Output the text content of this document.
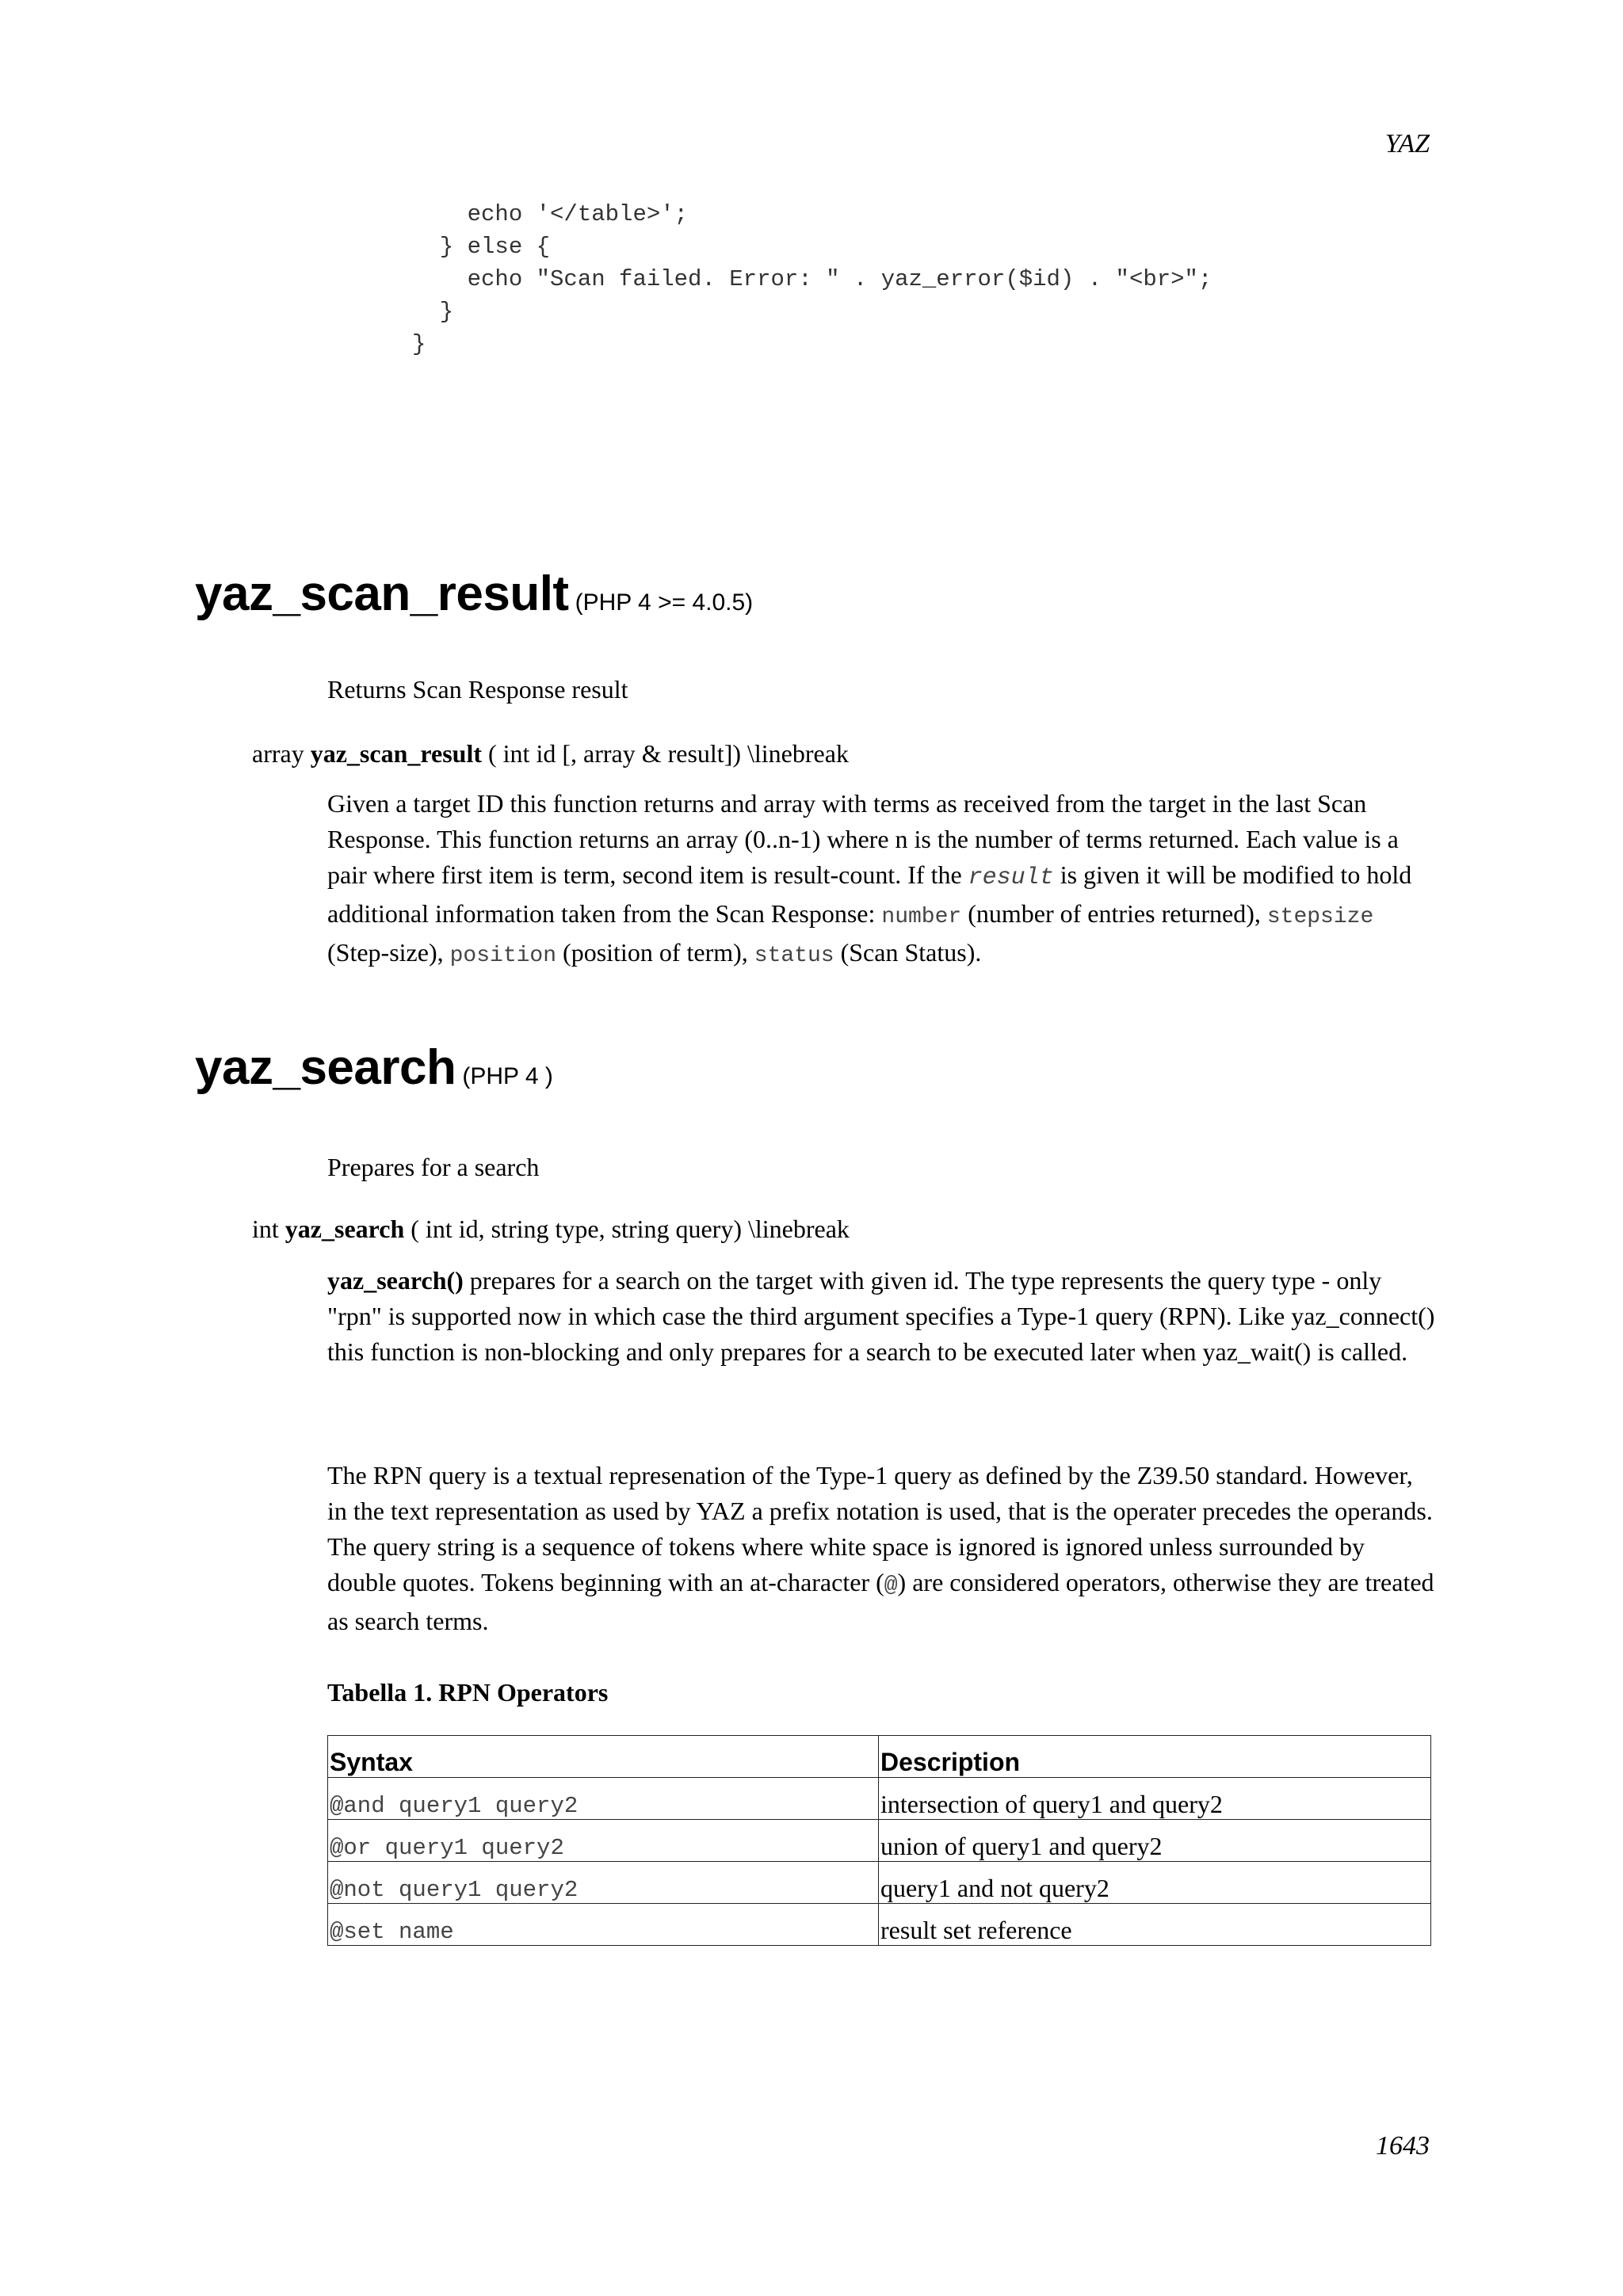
YAZ
echo '</table>';
} else {
echo "Scan failed. Error: " . yaz_error($id) . "<br>";
}
}
yaz_scan_result (PHP 4 >= 4.0.5)

Returns Scan Response result

array yaz_scan_result ( int id [, array & result]) \linebreak

Given a target ID this function returns and array with terms as received from the target in the last Scan Response. This function returns an array (0..n-1) where n is the number of terms returned. Each value is a pair where first item is term, second item is result-count. If the result is given it will be modified to hold additional information taken from the Scan Response: number (number of entries returned), stepsize (Step-size), position (position of term), status (Scan Status).

yaz_search (PHP 4 )

Prepares for a search

int yaz_search ( int id, string type, string query) \linebreak

yaz_search() prepares for a search on the target with given id. The type represents the query type - only "rpn" is supported now in which case the third argument specifies a Type-1 query (RPN). Like yaz_connect() this function is non-blocking and only prepares for a search to be executed later when yaz_wait() is called.

The RPN query is a textual represenation of the Type-1 query as defined by the Z39.50 standard. However, in the text representation as used by YAZ a prefix notation is used, that is the operater precedes the operands. The query string is a sequence of tokens where white space is ignored is ignored unless surrounded by double quotes. Tokens beginning with an at-character (@) are considered operators, otherwise they are treated as search terms.

Tabella 1. RPN Operators

Syntax	Description
@and query1 query2	intersection of query1 and query2
@or query1 query2	union of query1 and query2
@not query1 query2	query1 and not query2
@set name	result set reference
1643
